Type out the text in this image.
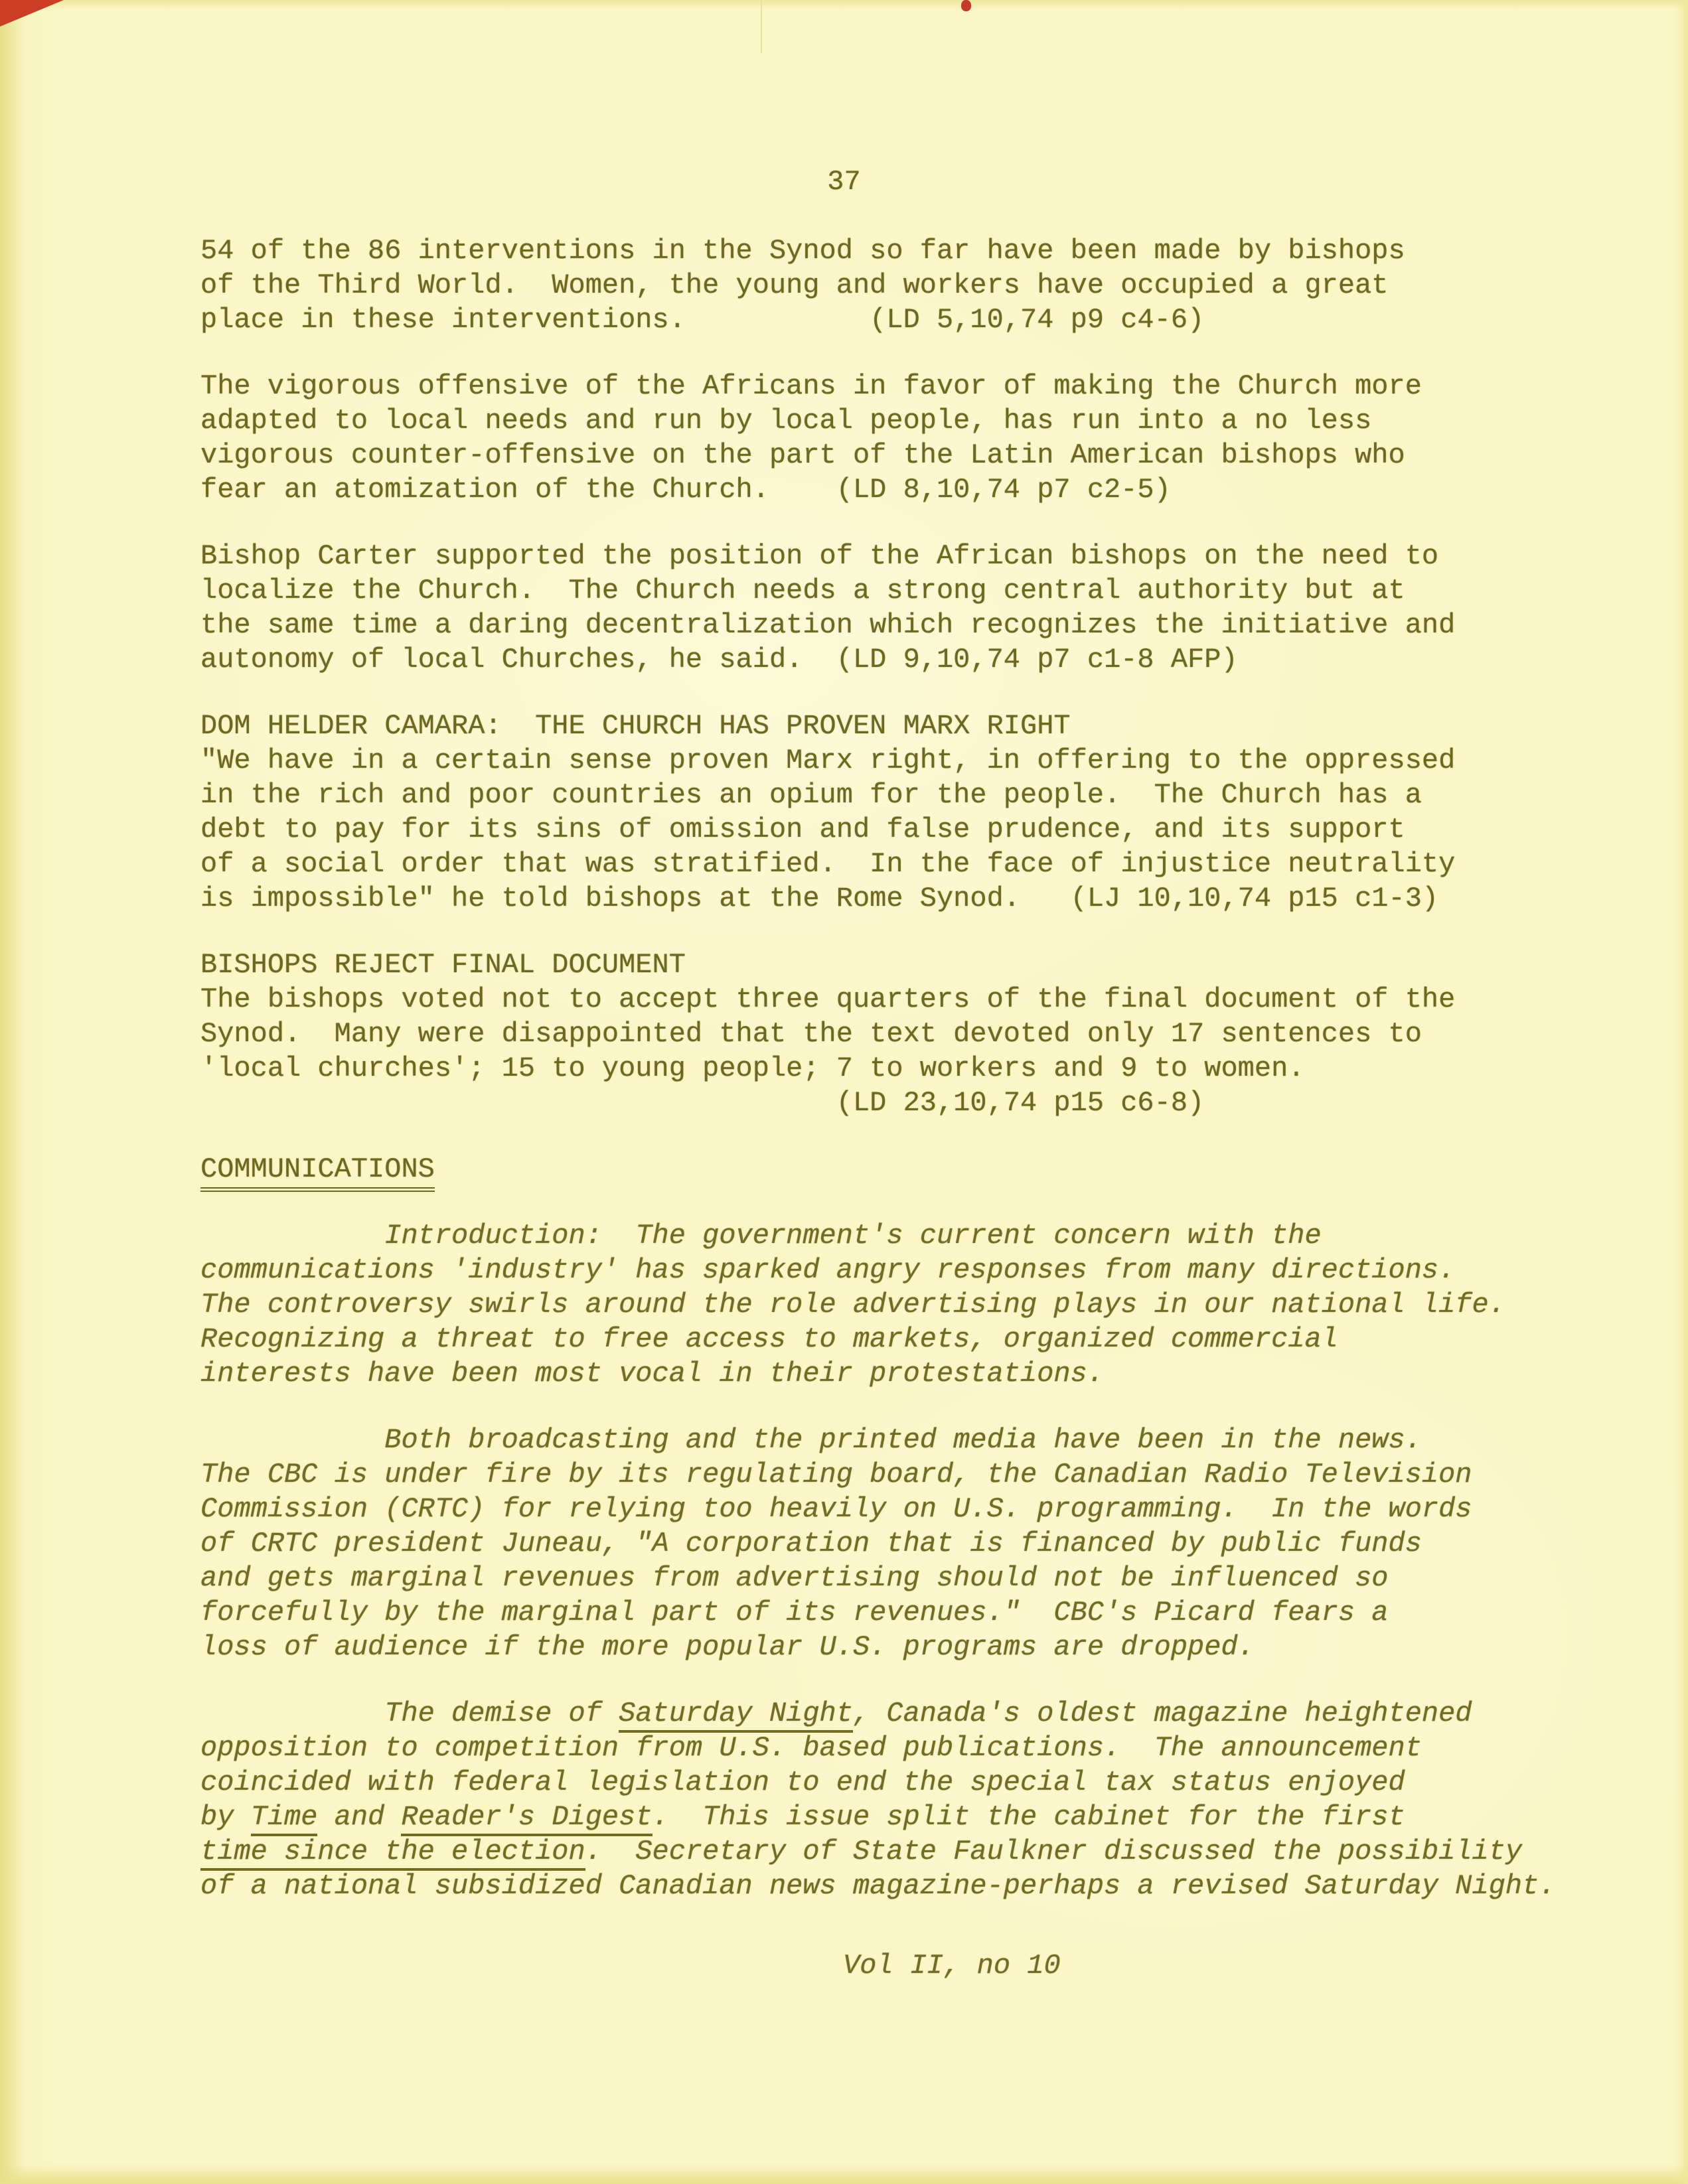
37
54 of the 86 interventions in the Synod so far have been made by bishops
of the Third World.  Women, the young and workers have occupied a great
place in these interventions.           (LD 5,10,74 p9 c4-6)
The vigorous offensive of the Africans in favor of making the Church more
adapted to local needs and run by local people, has run into a no less
vigorous counter-offensive on the part of the Latin American bishops who
fear an atomization of the Church.    (LD 8,10,74 p7 c2-5)
Bishop Carter supported the position of the African bishops on the need to
localize the Church.  The Church needs a strong central authority but at
the same time a daring decentralization which recognizes the initiative and
autonomy of local Churches, he said.  (LD 9,10,74 p7 c1-8 AFP)
DOM HELDER CAMARA:  THE CHURCH HAS PROVEN MARX RIGHT
"We have in a certain sense proven Marx right, in offering to the oppressed
in the rich and poor countries an opium for the people.  The Church has a
debt to pay for its sins of omission and false prudence, and its support
of a social order that was stratified.  In the face of injustice neutrality
is impossible" he told bishops at the Rome Synod.   (LJ 10,10,74 p15 c1-3)
BISHOPS REJECT FINAL DOCUMENT
The bishops voted not to accept three quarters of the final document of the
Synod.  Many were disappointed that the text devoted only 17 sentences to
'local churches'; 15 to young people; 7 to workers and 9 to women.
(LD 23,10,74 p15 c6-8)
COMMUNICATIONS
Introduction:  The government's current concern with the
communications 'industry' has sparked angry responses from many directions.
The controversy swirls around the role advertising plays in our national life.
Recognizing a threat to free access to markets, organized commercial
interests have been most vocal in their protestations.
Both broadcasting and the printed media have been in the news.
The CBC is under fire by its regulating board, the Canadian Radio Television
Commission (CRTC) for relying too heavily on U.S. programming.  In the words
of CRTC president Juneau, "A corporation that is financed by public funds
and gets marginal revenues from advertising should not be influenced so
forcefully by the marginal part of its revenues."  CBC's Picard fears a
loss of audience if the more popular U.S. programs are dropped.
The demise of Saturday Night, Canada's oldest magazine heightened
opposition to competition from U.S. based publications.  The announcement
coincided with federal legislation to end the special tax status enjoyed
by Time and Reader's Digest.  This issue split the cabinet for the first
time since the election.  Secretary of State Faulkner discussed the possibility
of a national subsidized Canadian news magazine-perhaps a revised Saturday Night.
Vol II, no 10
